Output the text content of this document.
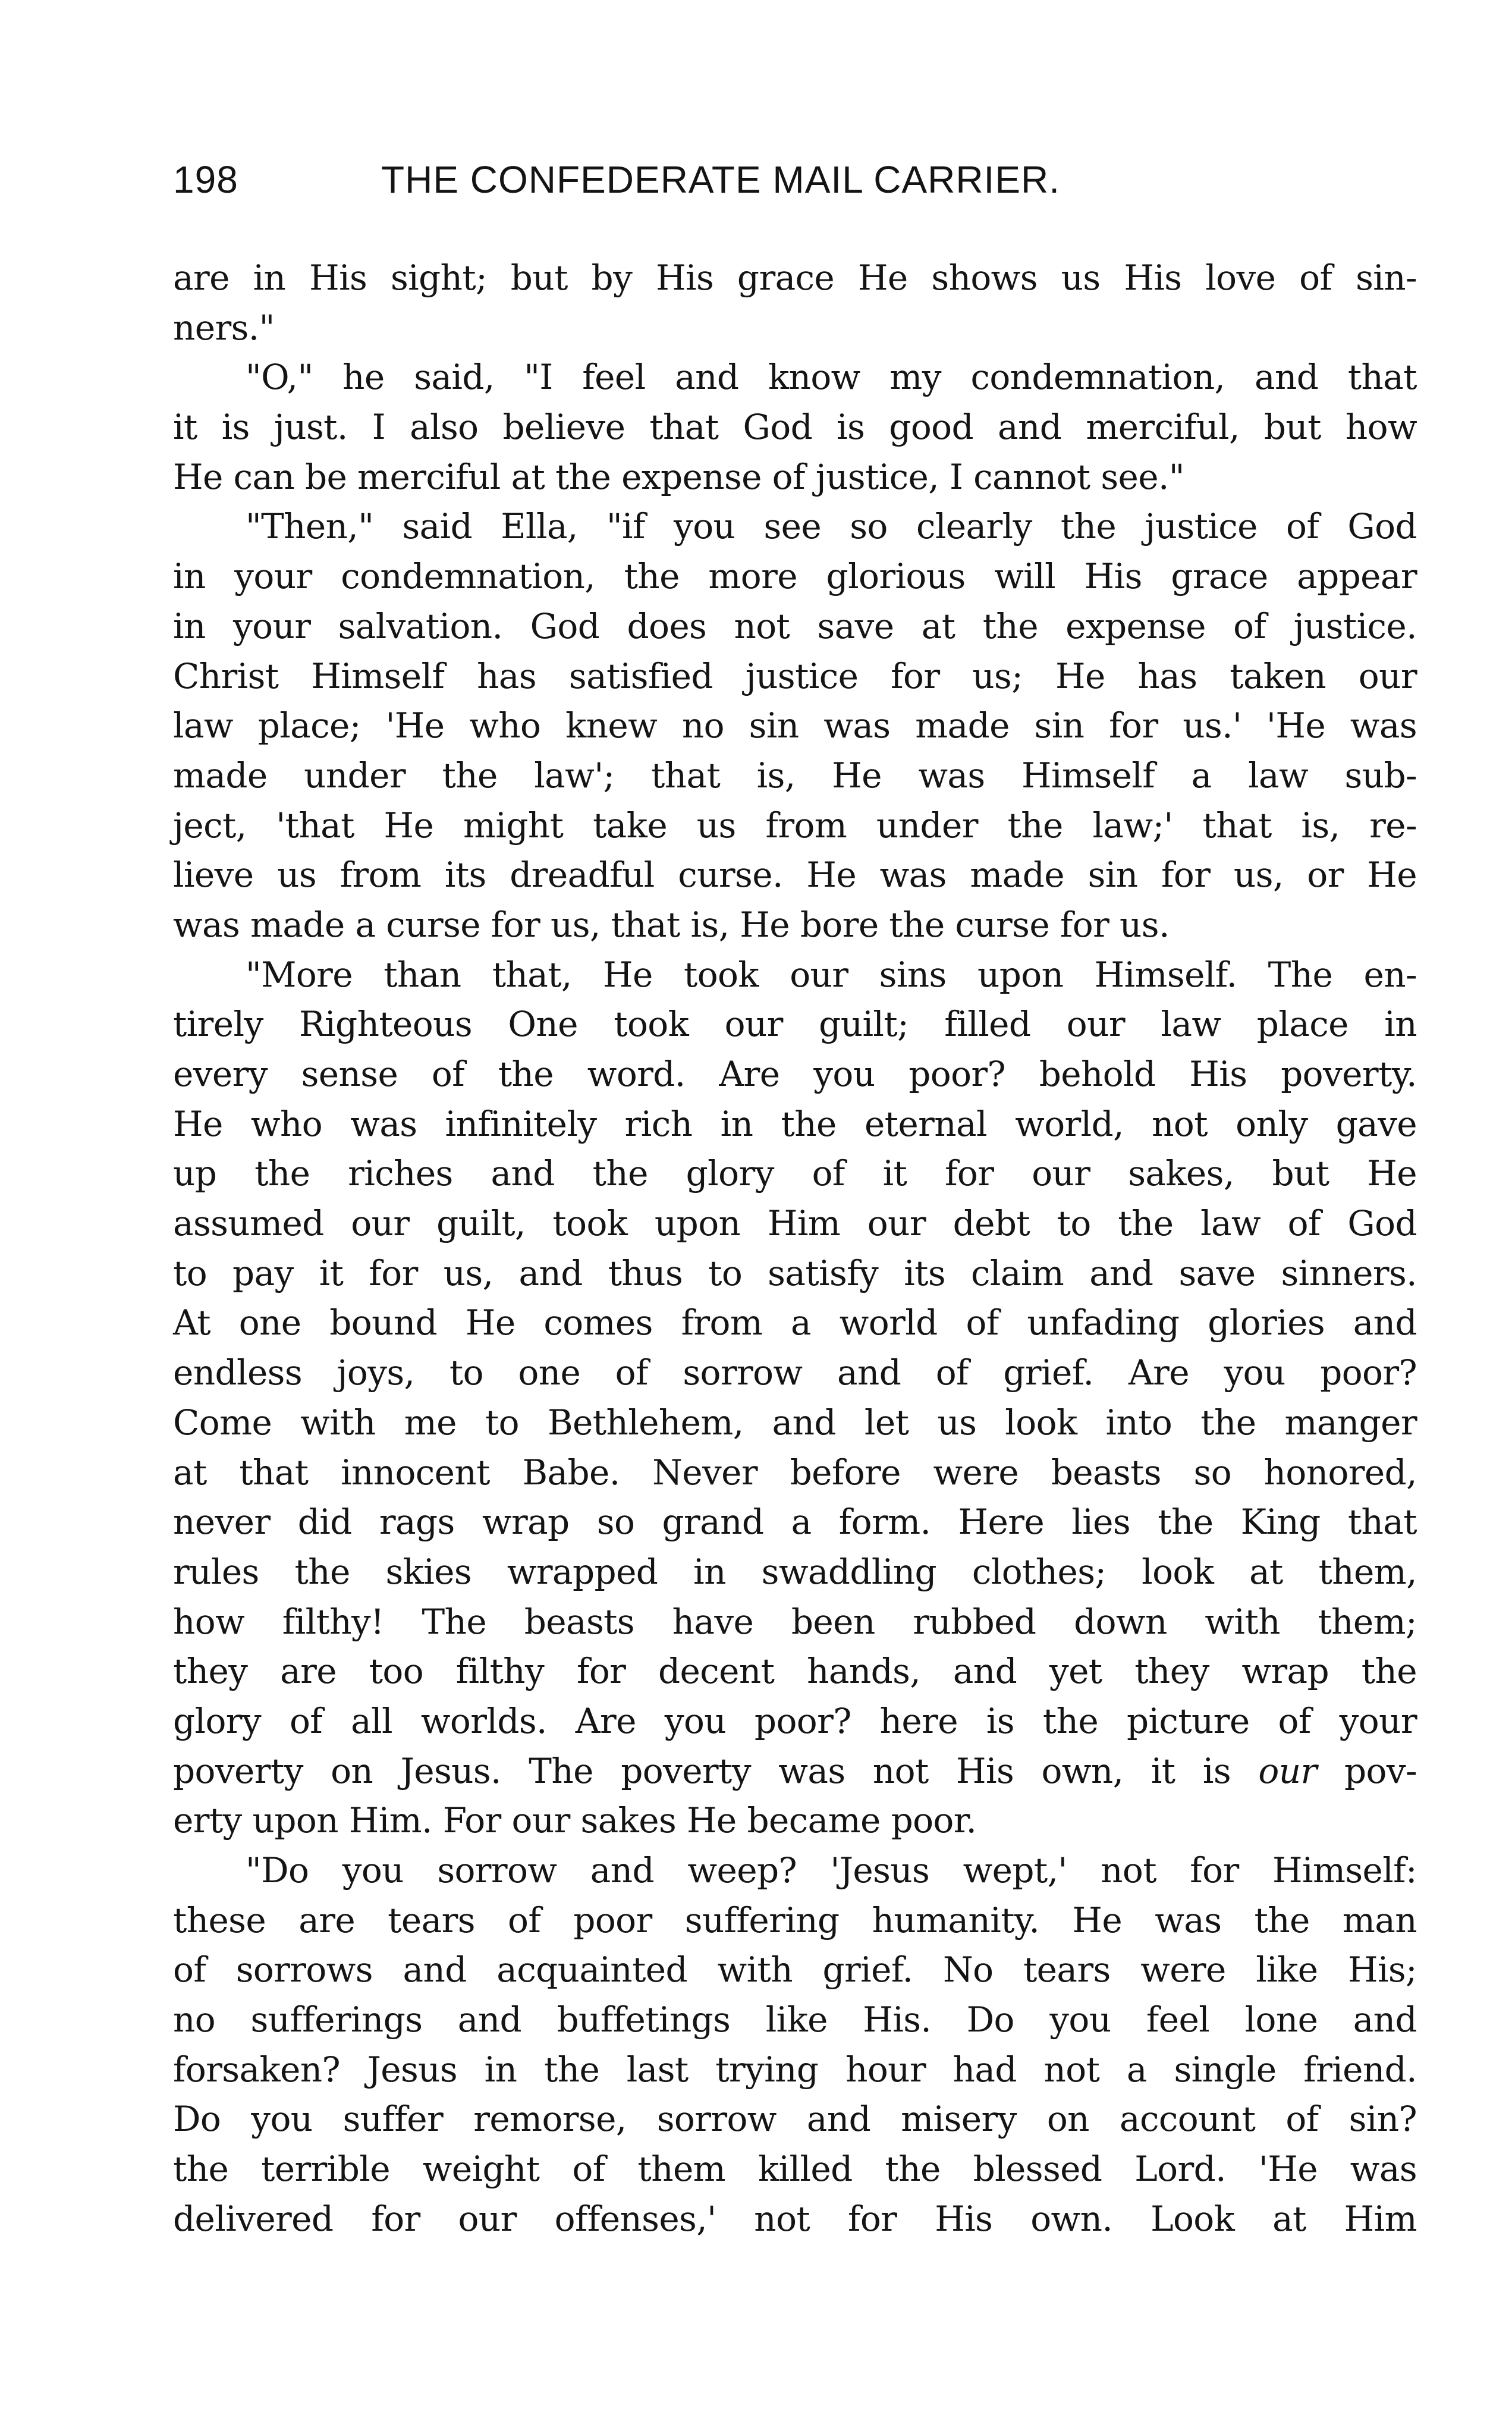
198	THE CONFEDERATE MAIL CARRIER.
are in His sight; but by His grace He shows us His love of sin-
ners."
"O," he said, "I feel and know my condemnation, and that
it is just. I also believe that God is good and merciful, but how
He can be merciful at the expense of justice, I cannot see."
"Then," said Ella, "if you see so clearly the justice of God
in your condemnation, the more glorious will His grace appear
in your salvation. God does not save at the expense of justice.
Christ Himself has satisfied justice for us; He has taken our
law place; 'He who knew no sin was made sin for us.' 'He was
made under the law'; that is, He was Himself a law sub-
ject, 'that He might take us from under the law;' that is, re-
lieve us from its dreadful curse. He was made sin for us, or He
was made a curse for us, that is, He bore the curse for us.
"More than that, He took our sins upon Himself. The en-
tirely Righteous One took our guilt; filled our law place in
every sense of the word. Are you poor? behold His poverty.
He who was infinitely rich in the eternal world, not only gave
up the riches and the glory of it for our sakes, but He
assumed our guilt, took upon Him our debt to the law of God
to pay it for us, and thus to satisfy its claim and save sinners.
At one bound He comes from a world of unfading glories and
endless joys, to one of sorrow and of grief. Are you poor?
Come with me to Bethlehem, and let us look into the manger
at that innocent Babe. Never before were beasts so honored,
never did rags wrap so grand a form. Here lies the King that
rules the skies wrapped in swaddling clothes; look at them,
how filthy! The beasts have been rubbed down with them;
they are too filthy for decent hands, and yet they wrap the
glory of all worlds. Are you poor? here is the picture of your
poverty on Jesus. The poverty was not His own, it is our pov-
erty upon Him. For our sakes He became poor.
"Do you sorrow and weep? 'Jesus wept,' not for Himself:
these are tears of poor suffering humanity. He was the man
of sorrows and acquainted with grief. No tears were like His;
no sufferings and buffetings like His. Do you feel lone and
forsaken? Jesus in the last trying hour had not a single friend.
Do you suffer remorse, sorrow and misery on account of sin?
the terrible weight of them killed the blessed Lord. 'He was
delivered for our offenses,' not for His own. Look at Him
